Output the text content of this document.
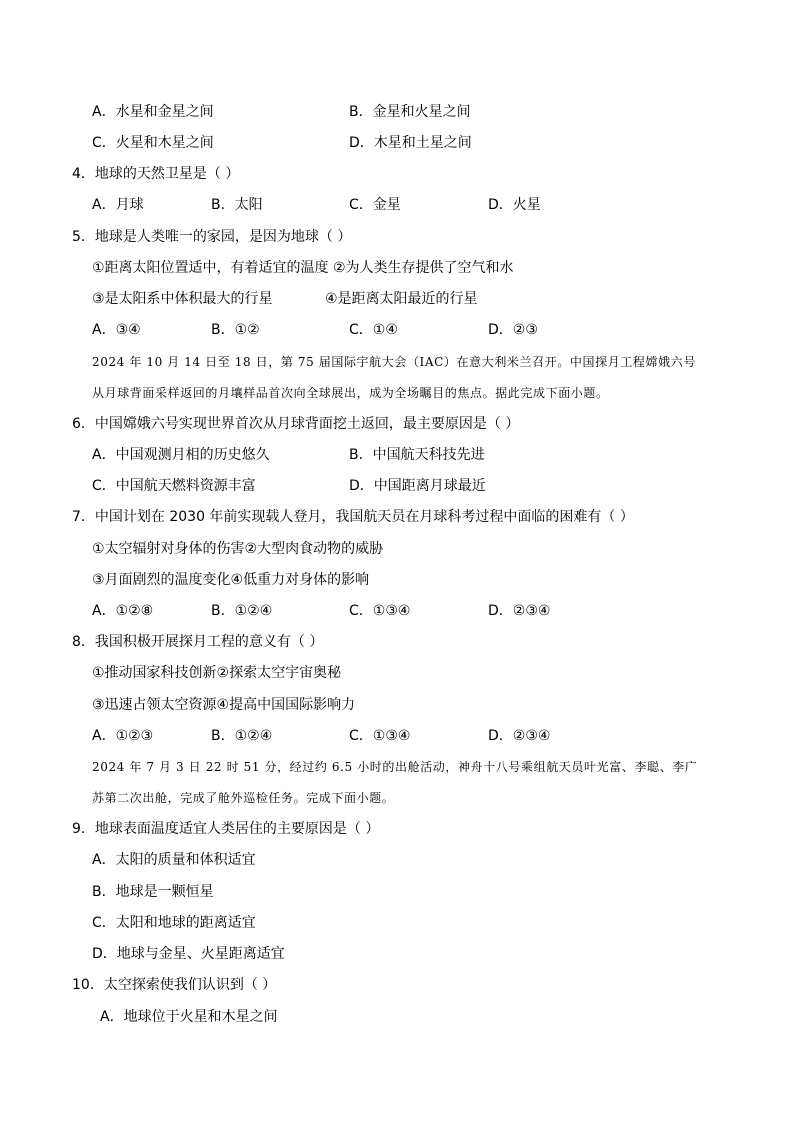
A．水星和金星之间	B．金星和火星之间
C．火星和木星之间	D．木星和土星之间
4．地球的天然卫星是（ ）
A．月球	B．太阳	C．金星	D．火星
5．地球是人类唯一的家园，是因为地球（ ）
①距离太阳位置适中，有着适宜的温度 ②为人类生存提供了空气和水
③是太阳系中体积最大的行星	④是距离太阳最近的行星
A．③④	B．①②	C．①④	D．②③
2024 年 10 月 14 日至 18 日，第 75 届国际宇航大会（IAC）在意大利米兰召开。中国探月工程嫦娥六号
从月球背面采样返回的月壤样品首次向全球展出，成为全场瞩目的焦点。据此完成下面小题。
6．中国嫦娥六号实现世界首次从月球背面挖土返回，最主要原因是（ ）
A．中国观测月相的历史悠久	B．中国航天科技先进
C．中国航天燃料资源丰富	D．中国距离月球最近
7．中国计划在 2030 年前实现载人登月，我国航天员在月球科考过程中面临的困难有（ ）
①太空辐射对身体的伤害②大型肉食动物的威胁
③月面剧烈的温度变化④低重力对身体的影响
A．①②⑧	B．①②④	C．①③④	D．②③④
8．我国积极开展探月工程的意义有（ ）
①推动国家科技创新②探索太空宇宙奥秘
③迅速占领太空资源④提高中国国际影响力
A．①②③	B．①②④	C．①③④	D．②③④
2024 年 7 月 3 日 22 时 51 分，经过约 6.5 小时的出舱活动，神舟十八号乘组航天员叶光富、李聪、李广
苏第二次出舱，完成了舱外巡检任务。完成下面小题。
9．地球表面温度适宜人类居住的主要原因是（ ）
A．太阳的质量和体积适宜
B．地球是一颗恒星
C．太阳和地球的距离适宜
D．地球与金星、火星距离适宜
10．太空探索使我们认识到（ ）
A．地球位于火星和木星之间
